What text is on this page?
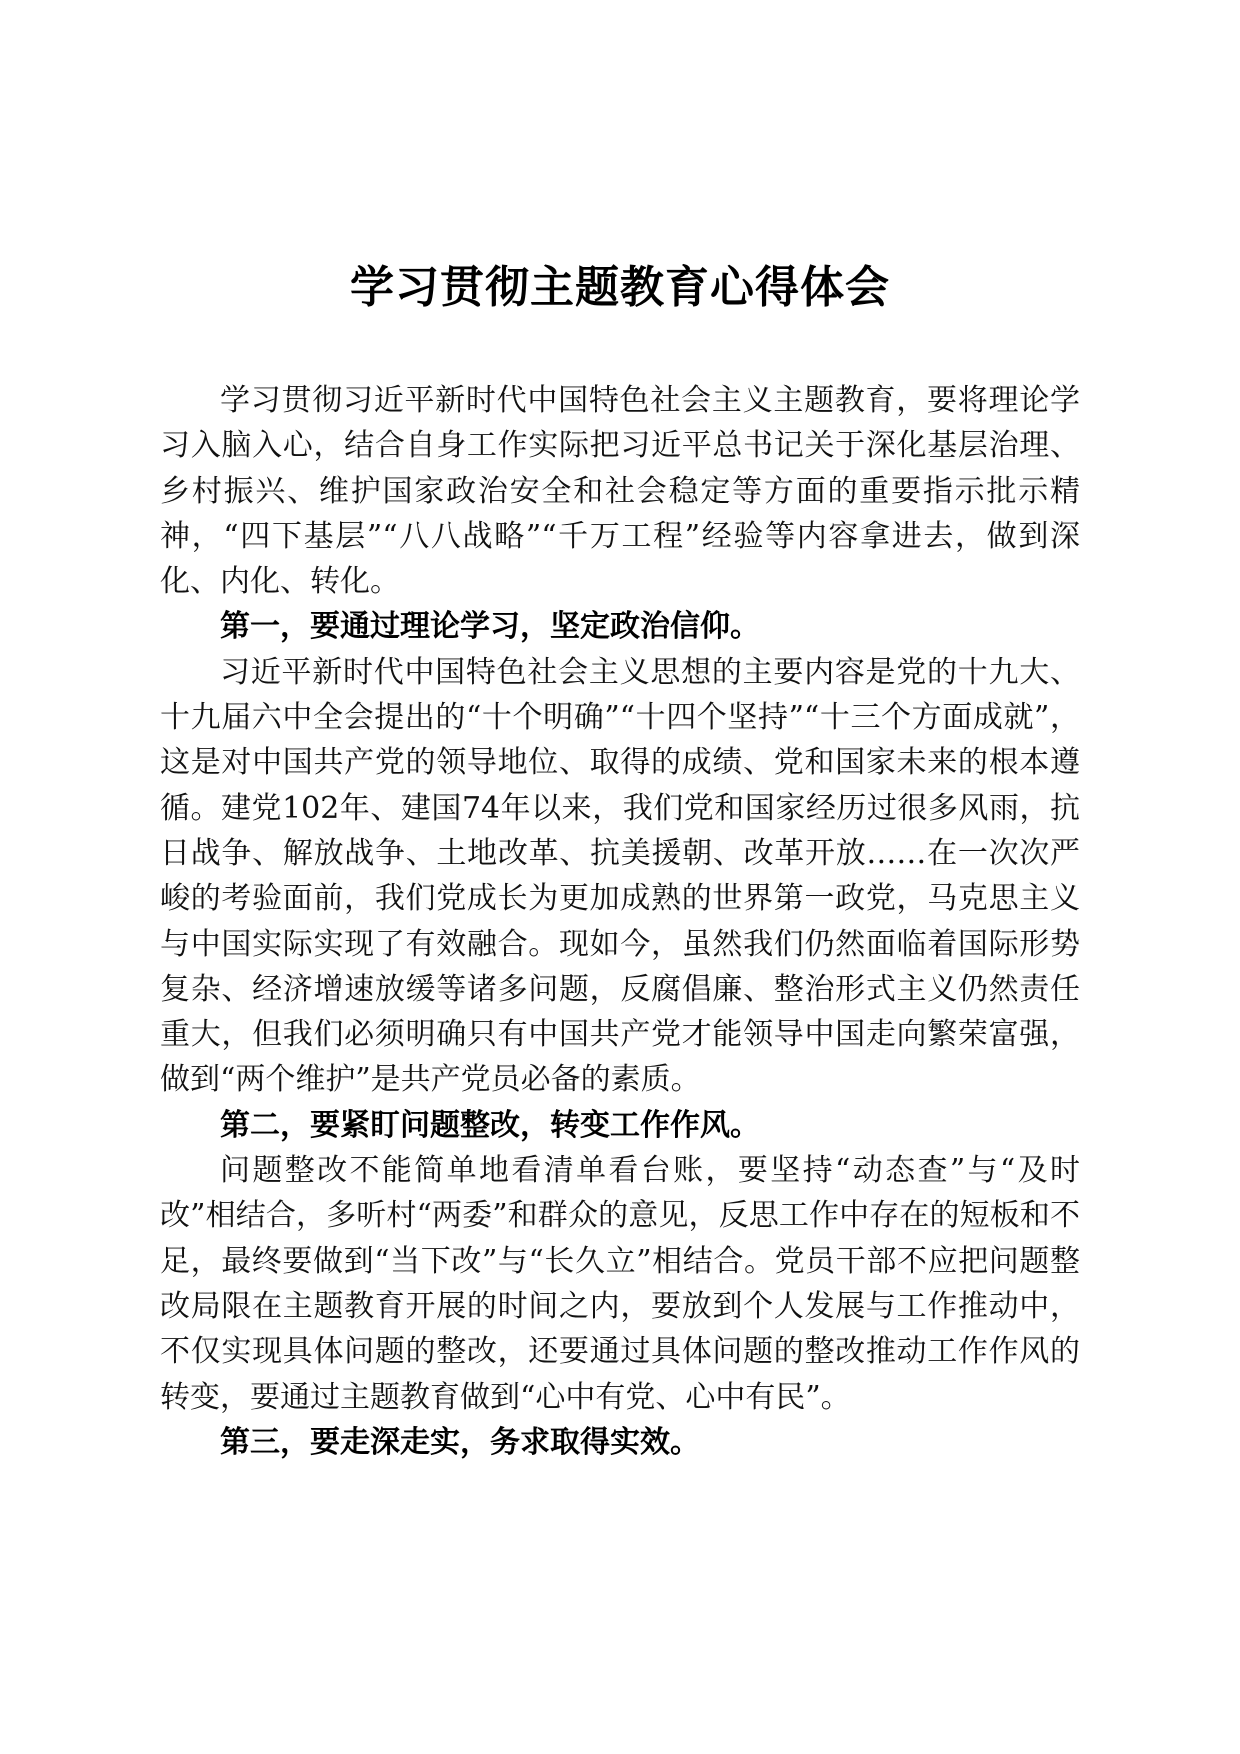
学习贯彻主题教育心得体会

学习贯彻习近平新时代中国特色社会主义主题教育，要将理论学习入脑入心，结合自身工作实际把习近平总书记关于深化基层治理、乡村振兴、维护国家政治安全和社会稳定等方面的重要指示批示精神，“四下基层”“八八战略”“千万工程”经验等内容拿进去，做到深化、内化、转化。

第一，要通过理论学习，坚定政治信仰。

习近平新时代中国特色社会主义思想的主要内容是党的十九大、十九届六中全会提出的“十个明确”“十四个坚持”“十三个方面成就”，这是对中国共产党的领导地位、取得的成绩、党和国家未来的根本遵循。建党102年、建国74年以来，我们党和国家经历过很多风雨，抗日战争、解放战争、土地改革、抗美援朝、改革开放……在一次次严峻的考验面前，我们党成长为更加成熟的世界第一政党，马克思主义与中国实际实现了有效融合。现如今，虽然我们仍然面临着国际形势复杂、经济增速放缓等诸多问题，反腐倡廉、整治形式主义仍然责任重大，但我们必须明确只有中国共产党才能领导中国走向繁荣富强，做到“两个维护”是共产党员必备的素质。

第二，要紧盯问题整改，转变工作作风。

问题整改不能简单地看清单看台账，要坚持“动态查”与“及时改”相结合，多听村“两委”和群众的意见，反思工作中存在的短板和不足，最终要做到“当下改”与“长久立”相结合。党员干部不应把问题整改局限在主题教育开展的时间之内，要放到个人发展与工作推动中，不仅实现具体问题的整改，还要通过具体问题的整改推动工作作风的转变，要通过主题教育做到“心中有党、心中有民”。

第三，要走深走实，务求取得实效。
